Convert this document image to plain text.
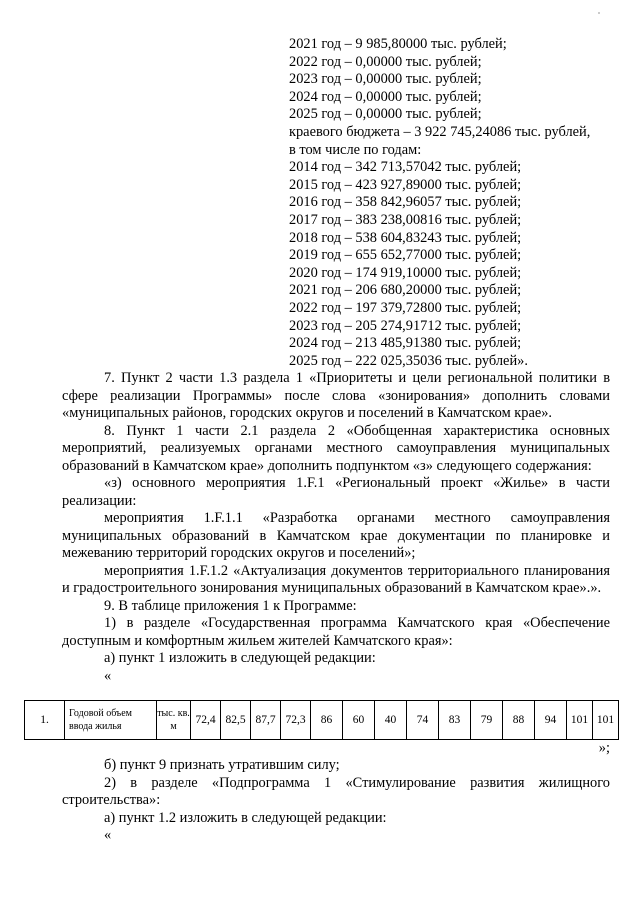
2021 год – 9 985,80000 тыс. рублей;
2022 год – 0,00000 тыс. рублей;
2023 год – 0,00000 тыс. рублей;
2024 год – 0,00000 тыс. рублей;
2025 год – 0,00000 тыс. рублей;
краевого бюджета – 3 922 745,24086 тыс. рублей,
в том числе по годам:
2014 год – 342 713,57042 тыс. рублей;
2015 год – 423 927,89000 тыс. рублей;
2016 год – 358 842,96057 тыс. рублей;
2017 год – 383 238,00816 тыс. рублей;
2018 год – 538 604,83243 тыс. рублей;
2019 год – 655 652,77000 тыс. рублей;
2020 год – 174 919,10000 тыс. рублей;
2021 год – 206 680,20000 тыс. рублей;
2022 год – 197 379,72800 тыс. рублей;
2023 год – 205 274,91712 тыс. рублей;
2024 год – 213 485,91380 тыс. рублей;
2025 год – 222 025,35036 тыс. рублей».

7. Пункт 2 части 1.3 раздела 1 «Приоритеты и цели региональной политики в сфере реализации Программы» после слова «зонирования» дополнить словами «муниципальных районов, городских округов и поселений в Камчатском крае».

8. Пункт 1 части 2.1 раздела 2 «Обобщенная характеристика основных мероприятий, реализуемых органами местного самоуправления муниципальных образований в Камчатском крае» дополнить подпунктом «з» следующего содержания:

«з) основного мероприятия 1.F.1 «Региональный проект «Жилье» в части реализации:

мероприятия 1.F.1.1 «Разработка органами местного самоуправления муниципальных образований в Камчатском крае документации по планировке и межеванию территорий городских округов и поселений»;

мероприятия 1.F.1.2 «Актуализация документов территориального планирования и градостроительного зонирования муниципальных образований в Камчатском крае».».

9. В таблице приложения 1 к Программе:

1) в разделе «Государственная программа Камчатского края «Обеспечение доступным и комфортным жильем жителей Камчатского края»:

а) пункт 1 изложить в следующей редакции:

«

1.	Годовой объем ввода жилья	тыс. кв. м	72,4	82,5	87,7	72,3	86	60	40	74	83	79	88	94	101	101
»;

б) пункт 9 признать утратившим силу;

2) в разделе «Подпрограмма 1 «Стимулирование развития жилищного строительства»:

а) пункт 1.2 изложить в следующей редакции:

«
